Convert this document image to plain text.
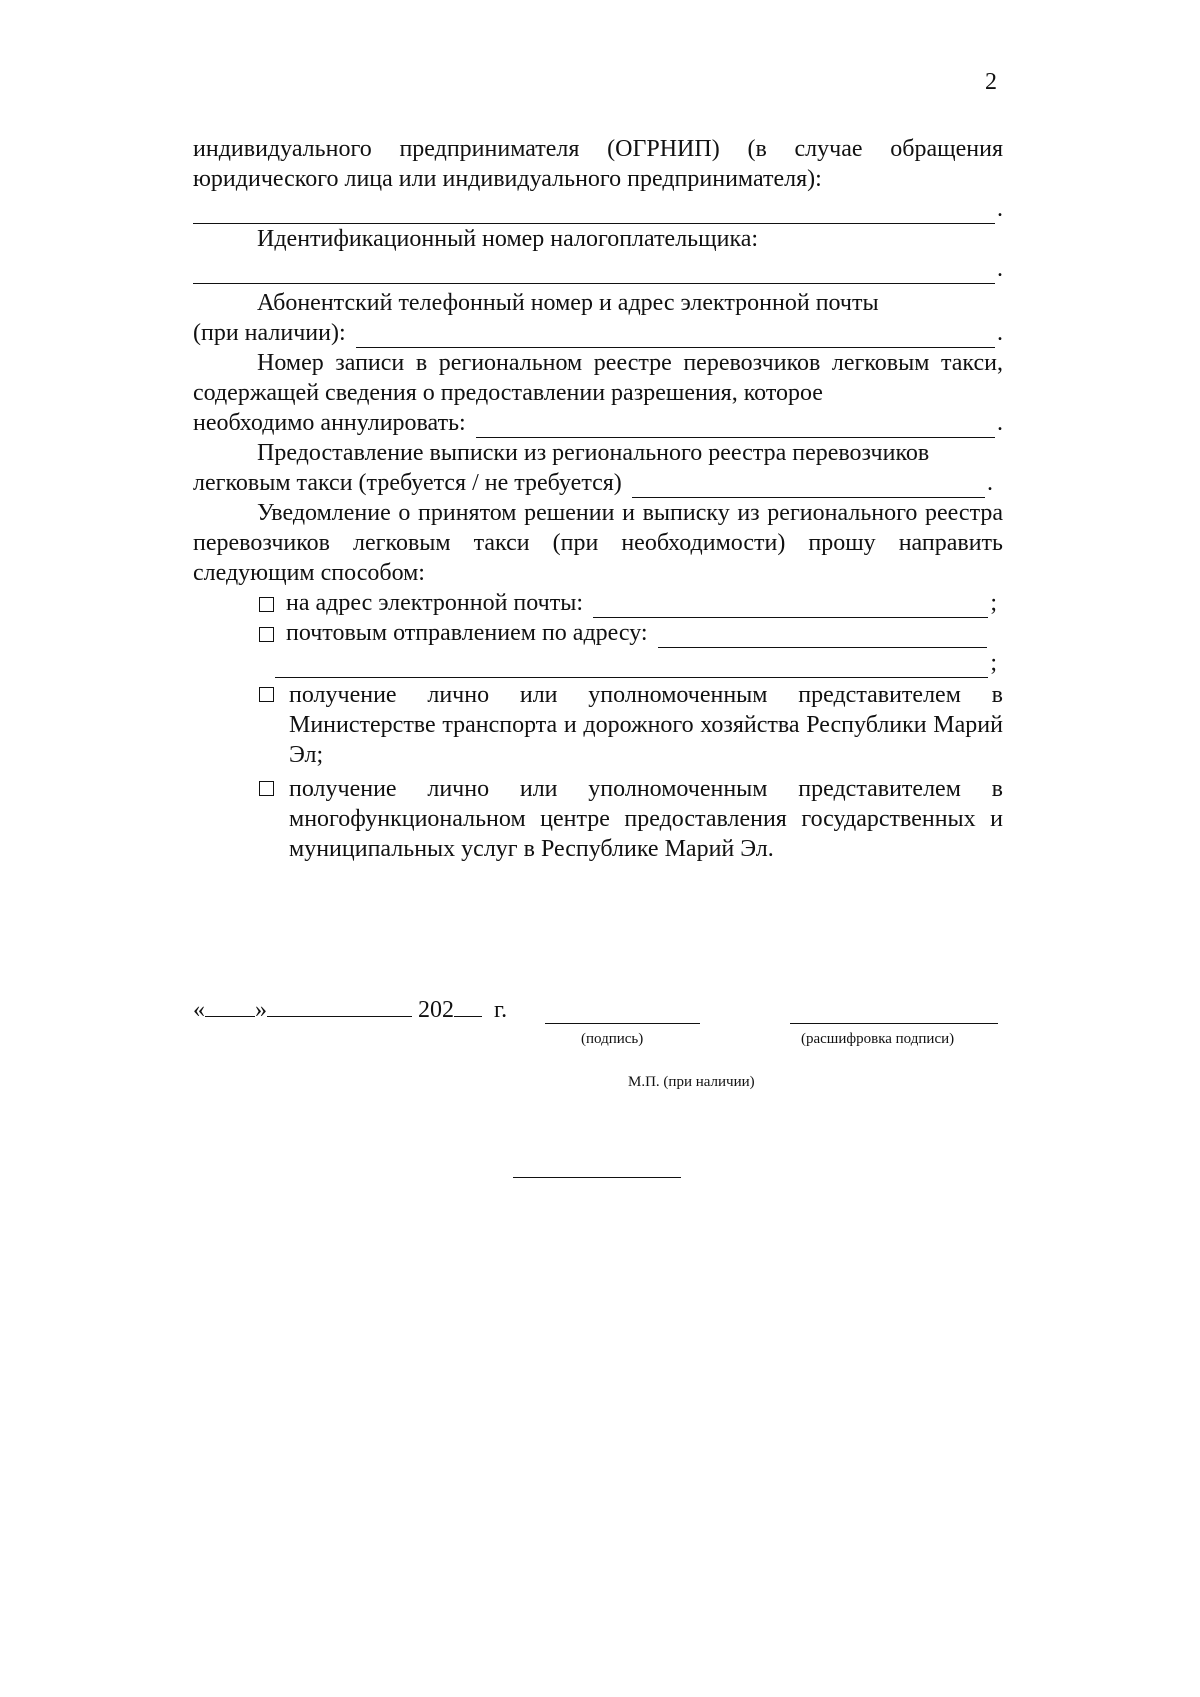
2

индивидуального предпринимателя (ОГРНИП) (в случае обращения юридического лица или индивидуального предпринимателя):

.

Идентификационный номер налогоплательщика:

.

Абонентский телефонный номер и адрес электронной почты

(при наличии):	.

Номер записи в региональном реестре перевозчиков легковым такси, содержащей сведения о предоставлении разрешения, которое

необходимо аннулировать:	.

Предоставление выписки из регионального реестра перевозчиков

легковым такси (требуется / не требуется)	.

Уведомление о принятом решении и выписку из регионального реестра перевозчиков легковым такси (при необходимости) прошу направить следующим способом:

на адрес электронной почты:	;
почтовым отправлением по адресу:
;
получение лично или уполномоченным представителем в Министерстве транспорта и дорожного хозяйства Республики Марий Эл;
получение лично или уполномоченным представителем в многофункциональном центре предоставления государственных и муниципальных услуг в Республике Марий Эл.
« »	202 г.
(подпись)	(расшифровка подписи)
М.П. (при наличии)
